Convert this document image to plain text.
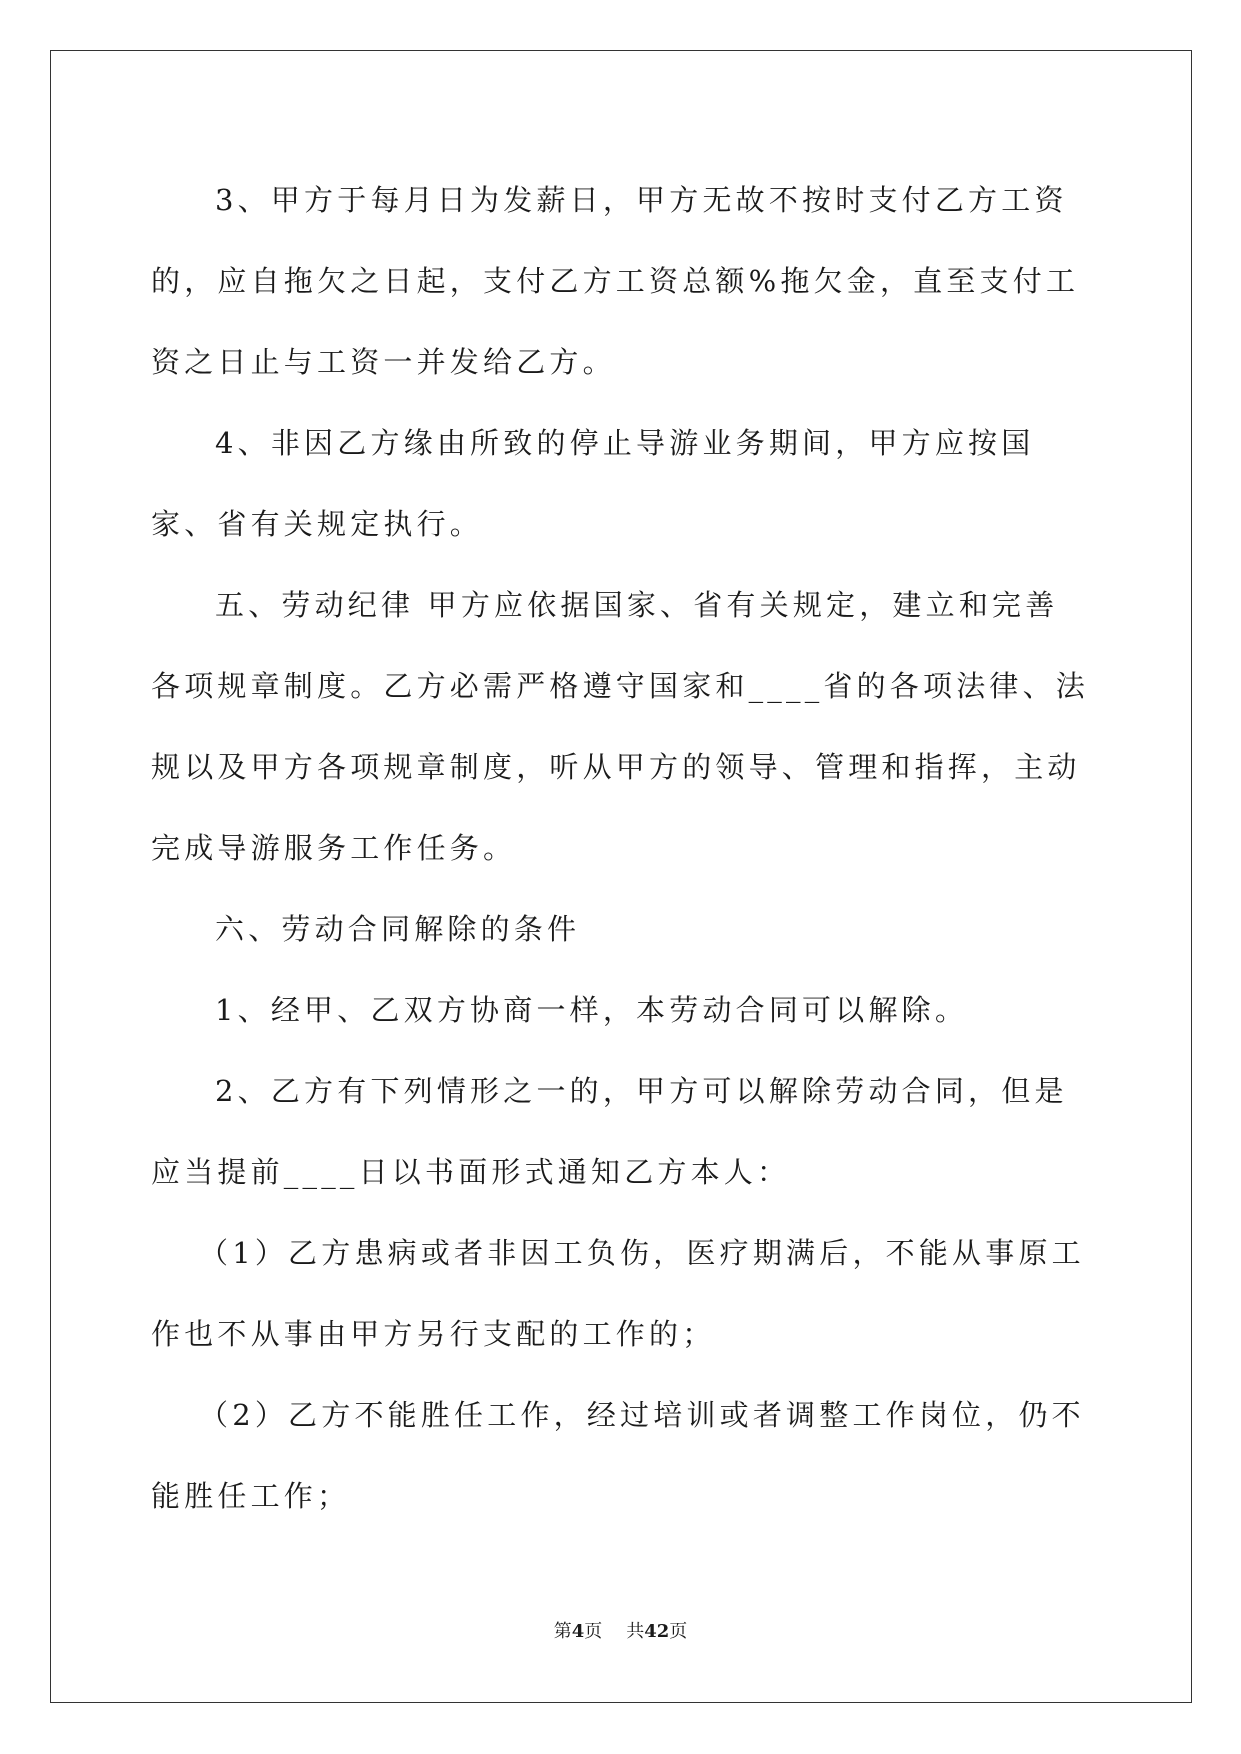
3、甲方于每月日为发薪日，甲方无故不按时支付乙方工资的，应自拖欠之日起，支付乙方工资总额%拖欠金，直至支付工资之日止与工资一并发给乙方。

4、非因乙方缘由所致的停止导游业务期间，甲方应按国家、省有关规定执行。

五、劳动纪律 甲方应依据国家、省有关规定，建立和完善各项规章制度。乙方必需严格遵守国家和____省的各项法律、法规以及甲方各项规章制度，听从甲方的领导、管理和指挥，主动完成导游服务工作任务。

六、劳动合同解除的条件

1、经甲、乙双方协商一样，本劳动合同可以解除。

2、乙方有下列情形之一的，甲方可以解除劳动合同，但是应当提前____日以书面形式通知乙方本人：

（1）乙方患病或者非因工负伤，医疗期满后，不能从事原工作也不从事由甲方另行支配的工作的；

（2）乙方不能胜任工作，经过培训或者调整工作岗位，仍不能胜任工作；

第4页 共42页
